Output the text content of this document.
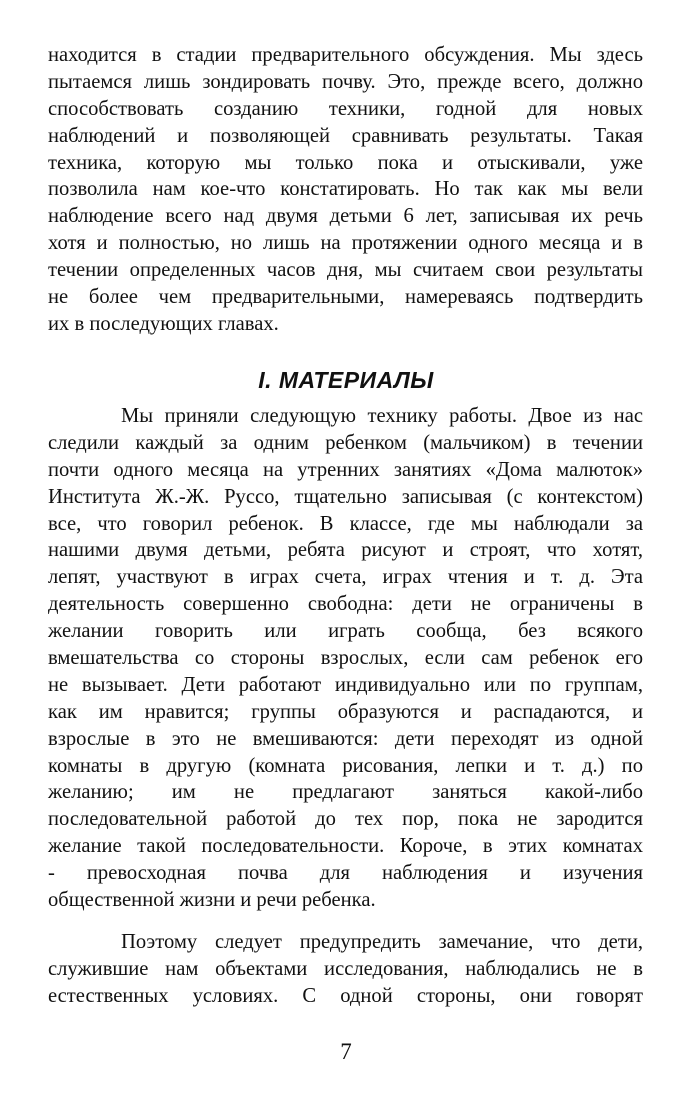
находится в стадии предварительного обсуждения. Мы здесь
пытаемся лишь зондировать почву. Это, прежде всего, должно
способствовать созданию техники, годной для новых
наблюдений и позволяющей сравнивать результаты. Такая
техника, которую мы только пока и отыскивали, уже
позволила нам кое-что констатировать. Но так как мы вели
наблюдение всего над двумя детьми 6 лет, записывая их речь
хотя и полностью, но лишь на протяжении одного месяца и в
течении определенных часов дня, мы считаем свои результаты
не более чем предварительными, намереваясь подтвердить
их в последующих главах.
I. МАТЕРИАЛЫ
Мы приняли следующую технику работы. Двое из нас
следили каждый за одним ребенком (мальчиком) в течении
почти одного месяца на утренних занятиях «Дома малюток»
Института Ж.-Ж. Руссо, тщательно записывая (с контекстом)
все, что говорил ребенок. В классе, где мы наблюдали за
нашими двумя детьми, ребята рисуют и строят, что хотят,
лепят, участвуют в играх счета, играх чтения и т. д. Эта
деятельность совершенно свободна: дети не ограничены в
желании говорить или играть сообща, без всякого
вмешательства со стороны взрослых, если сам ребенок его
не вызывает. Дети работают индивидуально или по группам,
как им нравится; группы образуются и распадаются, и
взрослые в это не вмешиваются: дети переходят из одной
комнаты в другую (комната рисования, лепки и т. д.) по
желанию; им не предлагают заняться какой-либо
последовательной работой до тех пор, пока не зародится
желание такой последовательности. Короче, в этих комнатах
- превосходная почва для наблюдения и изучения
общественной жизни и речи ребенка.
Поэтому следует предупредить замечание, что дети,
служившие нам объектами исследования, наблюдались не в
естественных условиях. С одной стороны, они говорят
7
